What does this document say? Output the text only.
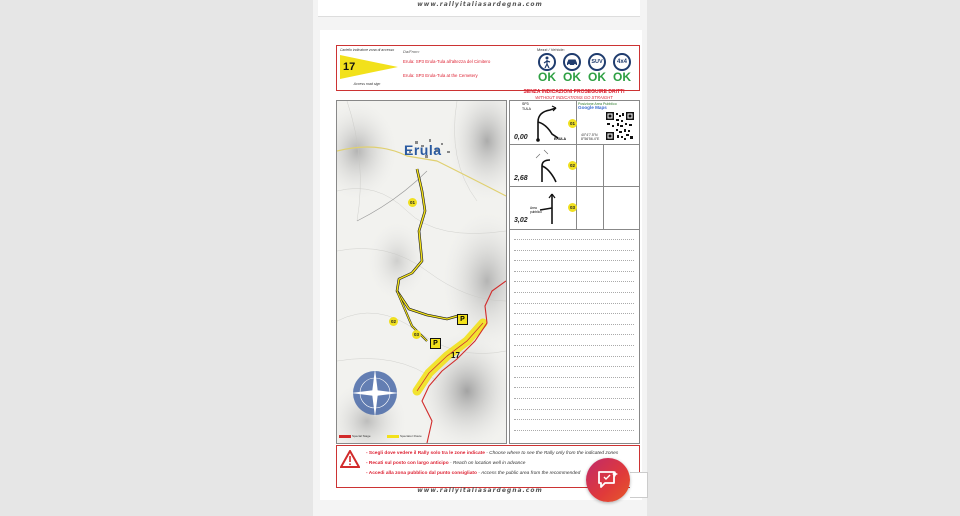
www.rallyitaliasardegna.com
Cartello indicatore zona di accesso
17
Access road sign
Da/From:
Erula: SP3 Erula-Tula all'altezza del Cimitero
Erula: SP3 Erula-Tula at the Cemetery
Mezzi / Vehicle:
OK OK
SUV
OK
4x4
OK
Special Stage	Spectator Route
01
02
03
P
P
17
Erula
SENZA INDICAZIONI PROSEGUIRE DRITTI
WITHOUT INDICATIONS GO STRAIGHT
SP3
TULA
ERULA
0,00
01
2,68
02
Area pubblico
3,02
03
Posizione Area Pubblico
Google Maps
40°4'7.5"N
8°56'56.4"E
- Scegli dove vedere il Rally solo tra le zone indicate - Choose where to see the Rally only from the indicated zones
- Recati sul posto con largo anticipo - Reach on location well in advance
- Accedi alla zona pubblico dal punto consigliato - Access the public area from the recommended
www.rallyitaliasardegna.com
